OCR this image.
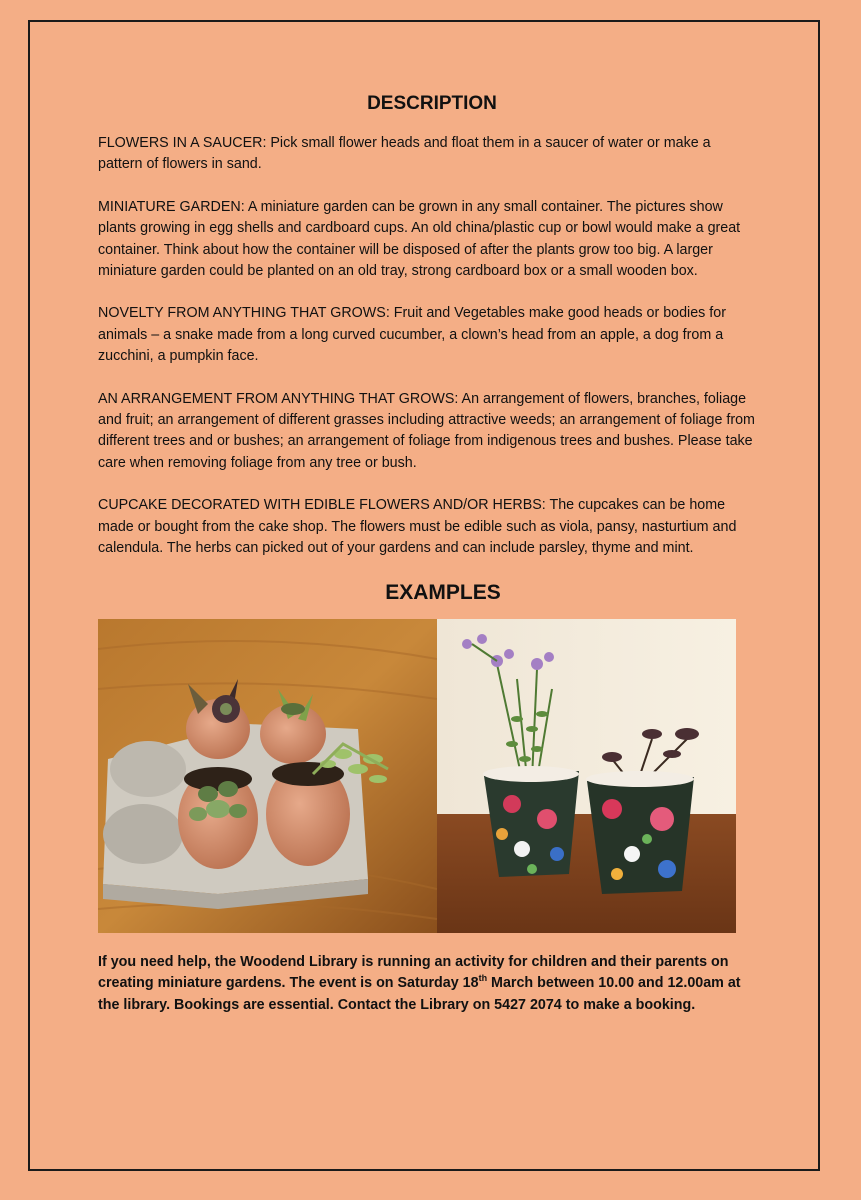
DESCRIPTION

FLOWERS IN A SAUCER: Pick small flower heads and float them in a saucer of water or make a pattern of flowers in sand.

MINIATURE GARDEN: A miniature garden can be grown in any small container. The pictures show plants growing in egg shells and cardboard cups. An old china/plastic cup or bowl would make a great container. Think about how the container will be disposed of after the plants grow too big. A larger miniature garden could be planted on an old tray, strong cardboard box or a small wooden box.

NOVELTY FROM ANYTHING THAT GROWS: Fruit and Vegetables make good heads or bodies for animals – a snake made from a long curved cucumber, a clown’s head from an apple, a dog from a zucchini, a pumpkin face.

AN ARRANGEMENT FROM ANYTHING THAT GROWS: An arrangement of flowers, branches, foliage and fruit; an arrangement of different grasses including attractive weeds; an arrangement of foliage from different trees and or bushes; an arrangement of foliage from indigenous trees and bushes. Please take care when removing foliage from any tree or bush.

CUPCAKE DECORATED WITH EDIBLE FLOWERS AND/OR HERBS: The cupcakes can be home made or bought from the cake shop. The flowers must be edible such as viola, pansy, nasturtium and calendula. The herbs can picked out of your gardens and can include parsley, thyme and mint.

EXAMPLES

If you need help, the Woodend Library is running an activity for children and their parents on creating miniature gardens. The event is on Saturday 18th March between 10.00 and 12.00am at the library. Bookings are essential. Contact the Library on 5427 2074 to make a booking.
